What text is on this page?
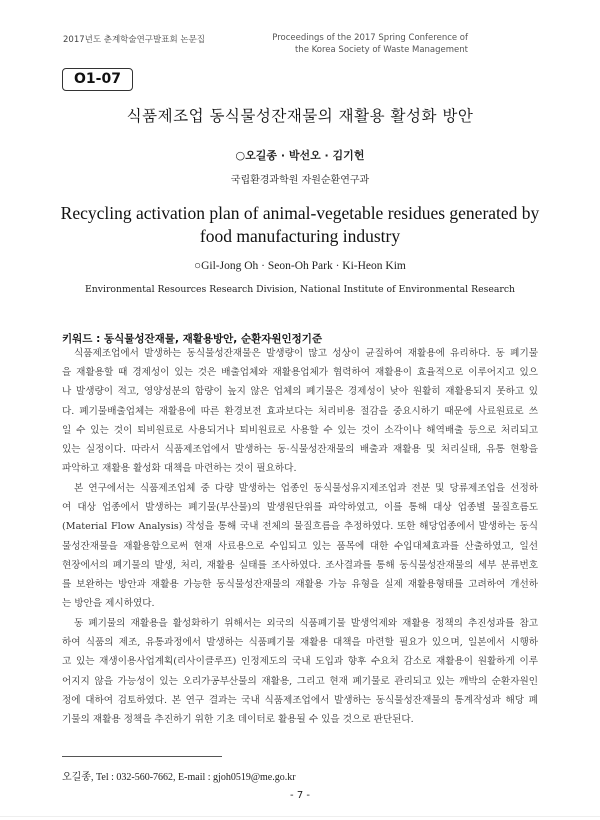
2017년도 춘계학술연구발표회 논문집	Proceedings of the 2017 Spring Conference of
the Korea Society of Waste Management
O1-07
식품제조업 동식물성잔재물의 재활용 활성화 방안
○오길종 · 박선오 · 김기헌
국립환경과학원 자원순환연구과
Recycling activation plan of animal-vegetable residues generated by
food manufacturing industry
○Gil-Jong Oh · Seon-Oh Park · Ki-Heon Kim
Environmental Resources Research Division, National Institute of Environmental Research
키워드 : 동식물성잔재물, 재활용방안, 순환자원인정기준
식품제조업에서 발생하는 동식물성잔재물은 발생량이 많고 성상이 균질하여 재활용에 유리하다. 동 폐기물
을 재활용할 때 경제성이 있는 것은 배출업체와 재활용업체가 협력하여 재활용이 효율적으로 이루어지고 있으
나 발생량이 적고, 영양성분의 함량이 높지 않은 업체의 폐기물은 경제성이 낮아 원활히 재활용되지 못하고 있
다. 폐기물배출업체는 재활용에 따른 환경보전 효과보다는 처리비용 절감을 중요시하기 때문에 사료원료로 쓰
일 수 있는 것이 퇴비원료로 사용되거나 퇴비원료로 사용할 수 있는 것이 소각이나 해역배출 등으로 처리되고
있는 실정이다. 따라서 식품제조업에서 발생하는 동·식물성잔재물의 배출과 재활용 및 처리실태, 유통 현황을
파악하고 재활용 활성화 대책을 마련하는 것이 필요하다.
본 연구에서는 식품제조업체 중 다량 발생하는 업종인 동식물성유지제조업과 전분 및 당류제조업을 선정하
여 대상 업종에서 발생하는 폐기물(부산물)의 발생원단위를 파악하였고, 이를 통해 대상 업종별 물질흐름도
(Material Flow Analysis) 작성을 통해 국내 전체의 물질흐름을 추정하였다. 또한 해당업종에서 발생하는 동식
물성잔재물을 재활용함으로써 현재 사료용으로 수입되고 있는 품목에 대한 수입대체효과를 산출하였고, 일선
현장에서의 폐기물의 발생, 처리, 재활용 실태를 조사하였다. 조사결과를 통해 동식물성잔재물의 세부 분류번호
를 보완하는 방안과 재활용 가능한 동식물성잔재물의 재활용 가능 유형을 실제 재활용형태를 고려하여 개선하
는 방안을 제시하였다.
동 폐기물의 재활용을 활성화하기 위해서는 외국의 식품폐기물 발생억제와 재활용 정책의 추진성과를 참고
하여 식품의 제조, 유통과정에서 발생하는 식품폐기물 재활용 대책을 마련할 필요가 있으며, 일본에서 시행하
고 있는 재생이용사업계획(리사이클루프) 인정제도의 국내 도입과 향후 수요처 감소로 재활용이 원활하게 이루
어지지 않을 가능성이 있는 오리가공부산물의 재활용, 그리고 현재 폐기물로 관리되고 있는 깨박의 순환자원인
정에 대하여 검토하였다. 본 연구 결과는 국내 식품제조업에서 발생하는 동식물성잔재물의 통계작성과 해당 폐
기물의 재활용 정책을 추진하기 위한 기초 데이터로 활용될 수 있을 것으로 판단된다.
오길종, Tel : 032-560-7662, E-mail : gjoh0519@me.go.kr
- 7 -
